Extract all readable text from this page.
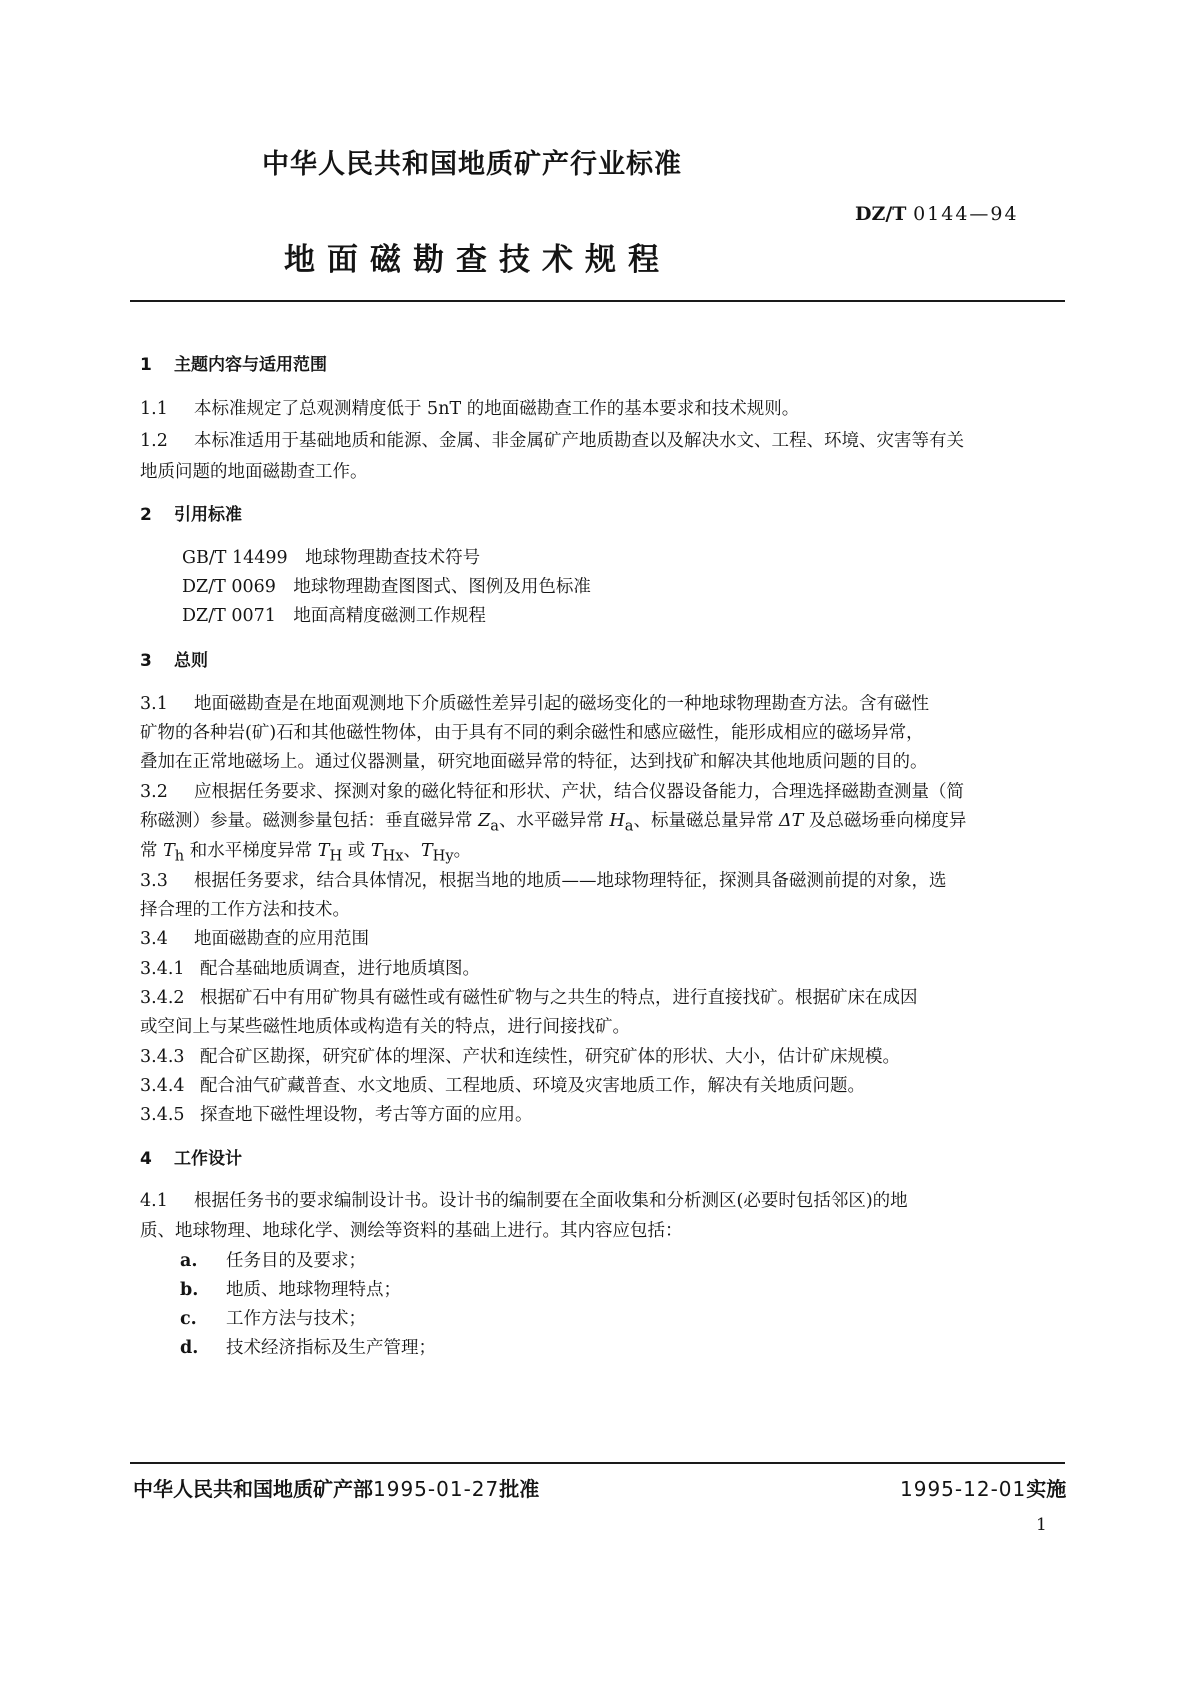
中华人民共和国地质矿产行业标准
DZ/T 0144—94
地面磁勘查技术规程
1 主题内容与适用范围
1.1 本标准规定了总观测精度低于 5nT 的地面磁勘查工作的基本要求和技术规则。
1.2 本标准适用于基础地质和能源、金属、非金属矿产地质勘查以及解决水文、工程、环境、灾害等有关
地质问题的地面磁勘查工作。
2 引用标准
GB/T 14499　地球物理勘查技术符号
DZ/T 0069　地球物理勘查图图式、图例及用色标准
DZ/T 0071　地面高精度磁测工作规程
3 总则
3.1 地面磁勘查是在地面观测地下介质磁性差异引起的磁场变化的一种地球物理勘查方法。含有磁性
矿物的各种岩(矿)石和其他磁性物体，由于具有不同的剩余磁性和感应磁性，能形成相应的磁场异常，
叠加在正常地磁场上。通过仪器测量，研究地面磁异常的特征，达到找矿和解决其他地质问题的目的。
3.2 应根据任务要求、探测对象的磁化特征和形状、产状，结合仪器设备能力，合理选择磁勘查测量（简
称磁测）参量。磁测参量包括：垂直磁异常 $Z_a$、水平磁异常 $H_a$、标量磁总量异常 ΔT 及总磁场垂向梯度异
常 $T_h$ 和水平梯度异常 $T_H$ 或 $T_{Hx}$、$T_{Hy}$。
3.3 根据任务要求，结合具体情况，根据当地的地质——地球物理特征，探测具备磁测前提的对象，选
择合理的工作方法和技术。
3.4 地面磁勘查的应用范围
3.4.1 配合基础地质调查，进行地质填图。
3.4.2 根据矿石中有用矿物具有磁性或有磁性矿物与之共生的特点，进行直接找矿。根据矿床在成因
或空间上与某些磁性地质体或构造有关的特点，进行间接找矿。
3.4.3 配合矿区勘探，研究矿体的埋深、产状和连续性，研究矿体的形状、大小，估计矿床规模。
3.4.4 配合油气矿藏普查、水文地质、工程地质、环境及灾害地质工作，解决有关地质问题。
3.4.5 探查地下磁性埋设物，考古等方面的应用。
4 工作设计
4.1 根据任务书的要求编制设计书。设计书的编制要在全面收集和分析测区(必要时包括邻区)的地
质、地球物理、地球化学、测绘等资料的基础上进行。其内容应包括：
a. 任务目的及要求；
b. 地质、地球物理特点；
c. 工作方法与技术；
d. 技术经济指标及生产管理；
中华人民共和国地质矿产部1995-01-27批准	1995-12-01实施
1
